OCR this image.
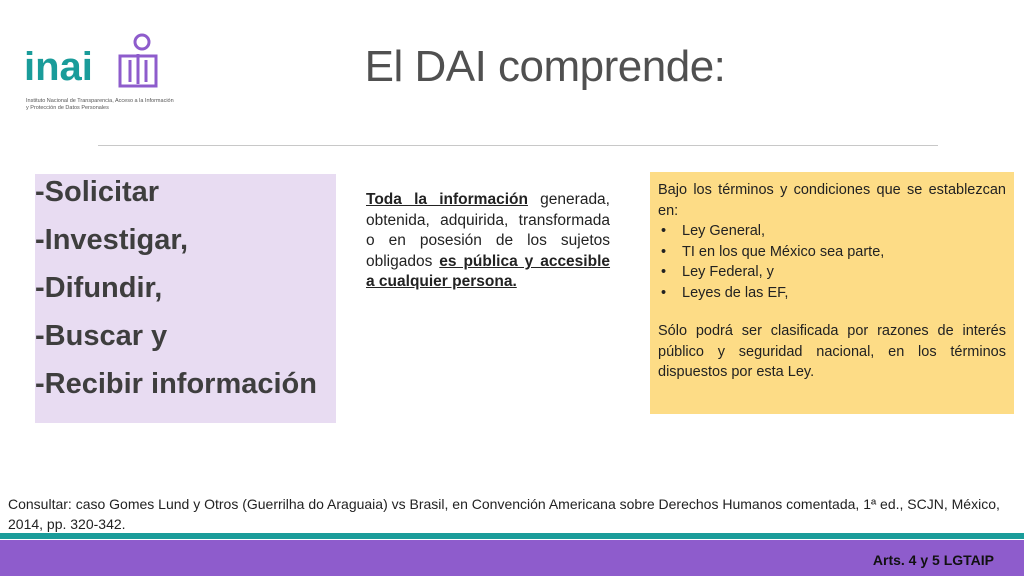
inai
Instituto Nacional de Transparencia, Acceso a la Información y Protección de Datos Personales
El DAI comprende:
-Solicitar
-Investigar,
-Difundir,
-Buscar y
-Recibir información
Toda la información generada, obtenida, adquirida, transformada o en posesión de los sujetos obligados es pública y accesible a cualquier persona.
Bajo los términos y condiciones que se establezcan en:
• Ley General,
• TI en los que México sea parte,
• Ley Federal, y
• Leyes de las EF,
Sólo podrá ser clasificada por razones de interés público y seguridad nacional, en los términos dispuestos por esta Ley.
Consultar: caso Gomes Lund y Otros (Guerrilha do Araguaia) vs Brasil, en Convención Americana sobre Derechos Humanos comentada, 1ª ed., SCJN, México, 2014, pp. 320-342.
Arts. 4 y 5 LGTAIP
